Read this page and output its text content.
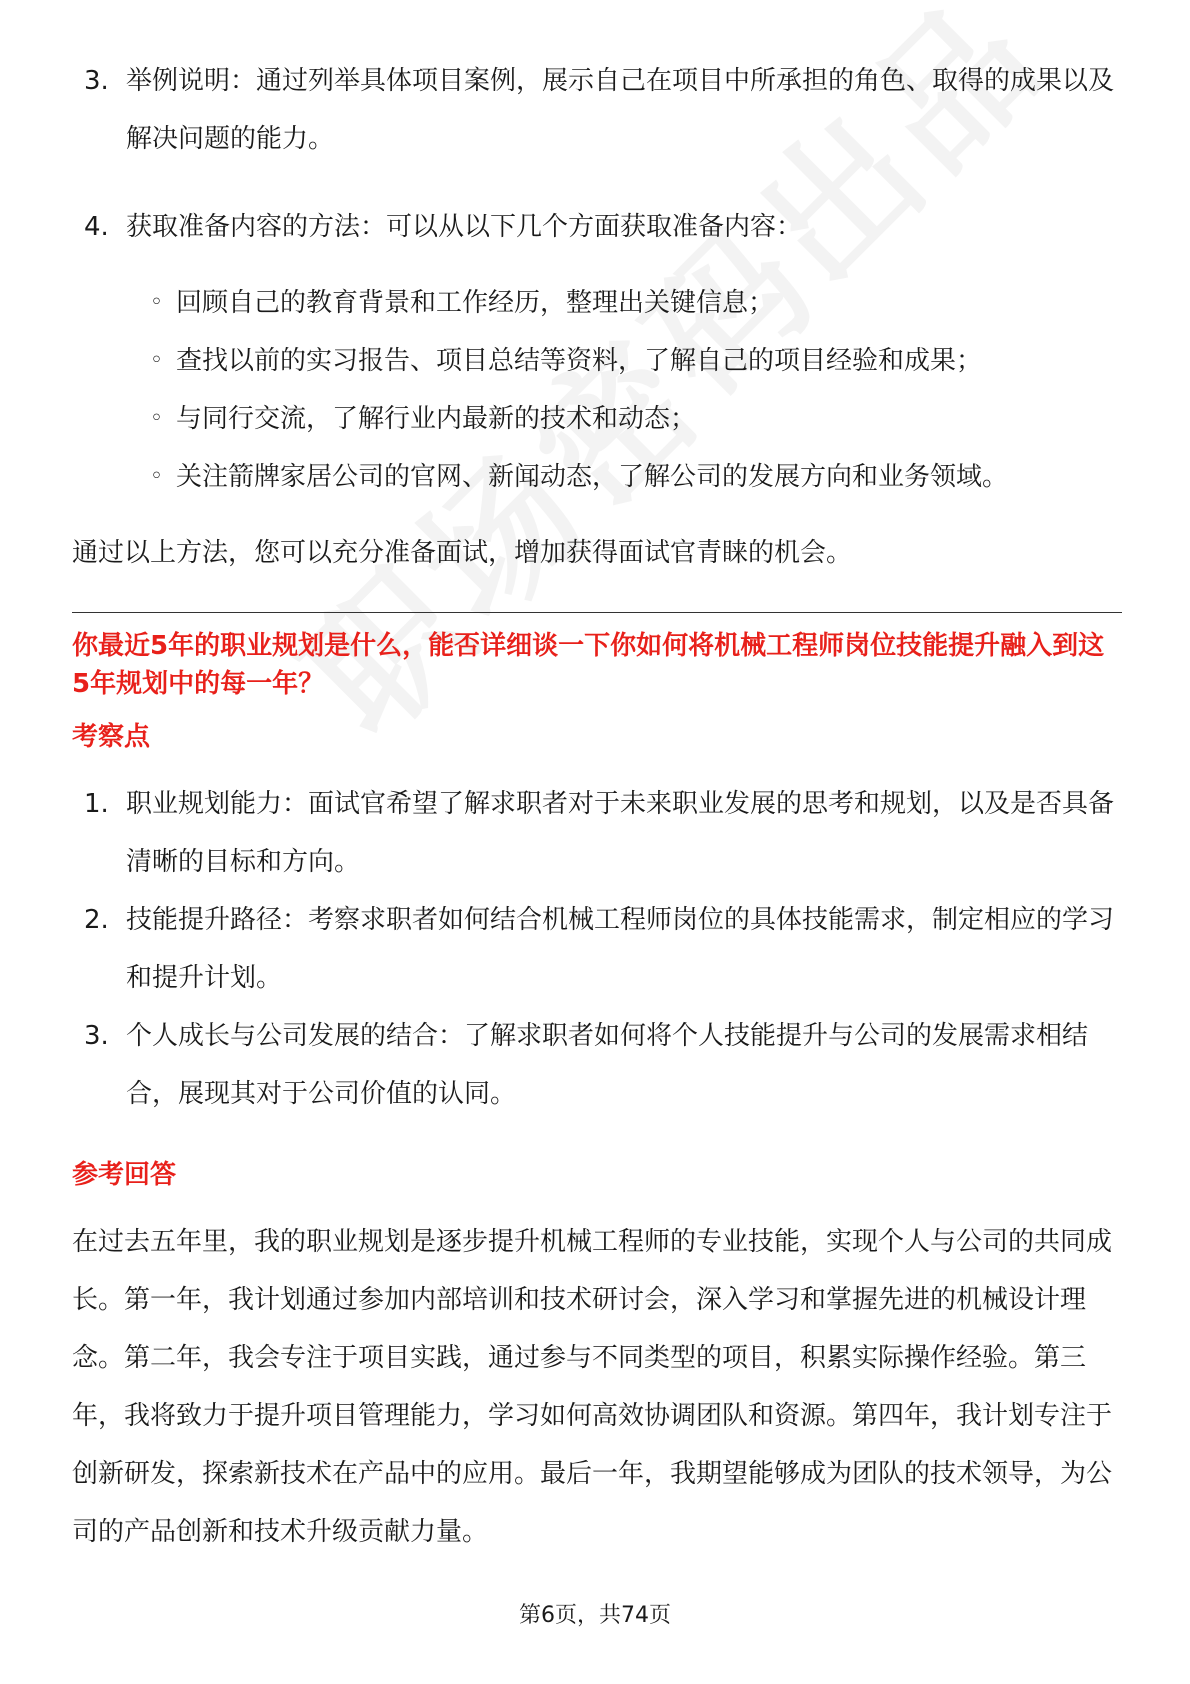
3. 举例说明：通过列举具体项目案例，展示自己在项目中所承担的角色、取得的成果以及解决问题的能力。
4. 获取准备内容的方法：可以从以下几个方面获取准备内容：
◦ 回顾自己的教育背景和工作经历，整理出关键信息；
◦ 查找以前的实习报告、项目总结等资料，了解自己的项目经验和成果；
◦ 与同行交流，了解行业内最新的技术和动态；
◦ 关注箭牌家居公司的官网、新闻动态，了解公司的发展方向和业务领域。
通过以上方法，您可以充分准备面试，增加获得面试官青睐的机会。
你最近5年的职业规划是什么，能否详细谈一下你如何将机械工程师岗位技能提升融入到这5年规划中的每一年？
考察点
1. 职业规划能力：面试官希望了解求职者对于未来职业发展的思考和规划，以及是否具备清晰的目标和方向。
2. 技能提升路径：考察求职者如何结合机械工程师岗位的具体技能需求，制定相应的学习和提升计划。
3. 个人成长与公司发展的结合：了解求职者如何将个人技能提升与公司的发展需求相结合，展现其对于公司价值的认同。
参考回答
在过去五年里，我的职业规划是逐步提升机械工程师的专业技能，实现个人与公司的共同成长。第一年，我计划通过参加内部培训和技术研讨会，深入学习和掌握先进的机械设计理念。第二年，我会专注于项目实践，通过参与不同类型的项目，积累实际操作经验。第三年，我将致力于提升项目管理能力，学习如何高效协调团队和资源。第四年，我计划专注于创新研发，探索新技术在产品中的应用。最后一年，我期望能够成为团队的技术领导，为公司的产品创新和技术升级贡献力量。
第6页，共74页
